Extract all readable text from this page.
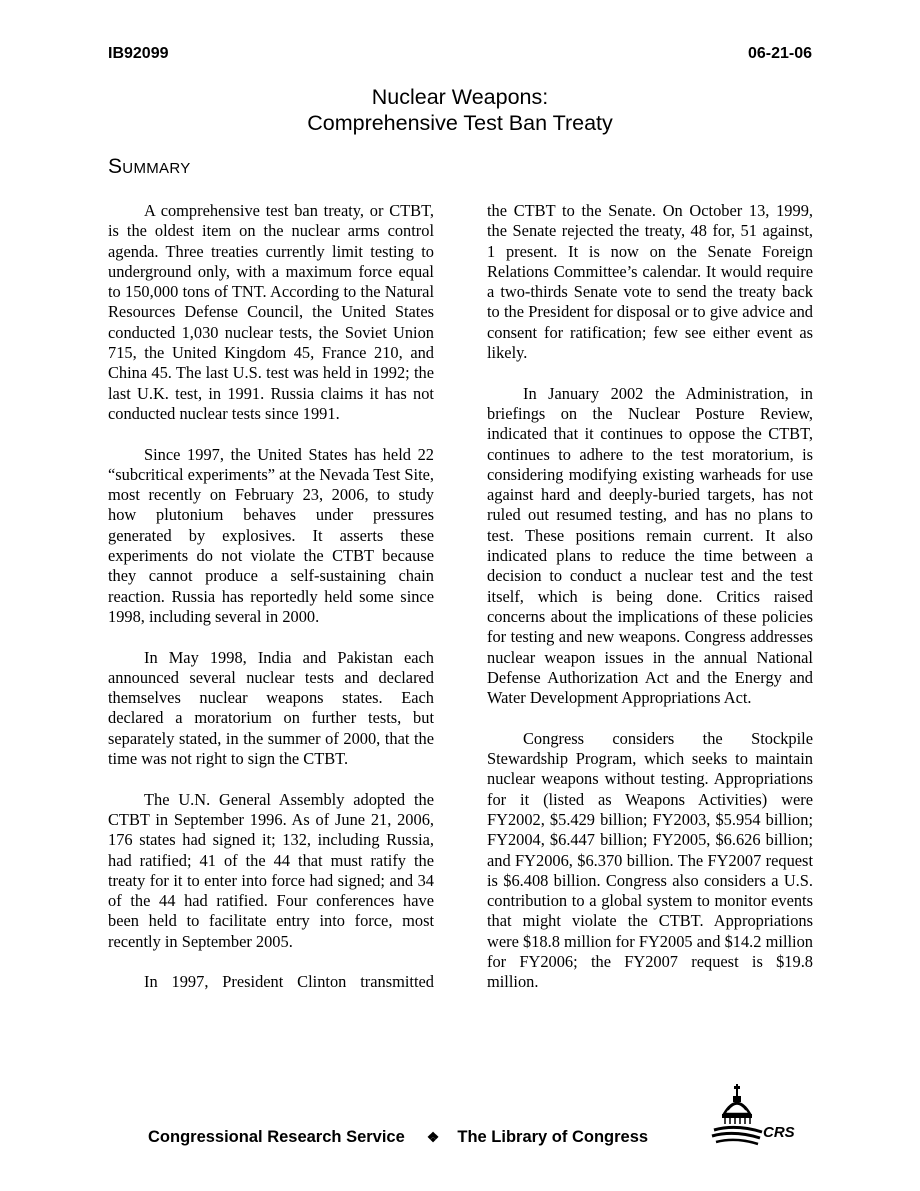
IB92099	06-21-06
Nuclear Weapons:
Comprehensive Test Ban Treaty
Summary

A comprehensive test ban treaty, or CTBT, is the oldest item on the nuclear arms control agenda. Three treaties currently limit testing to underground only, with a maximum force equal to 150,000 tons of TNT. According to the Natural Resources Defense Council, the United States conducted 1,030 nuclear tests, the Soviet Union 715, the United Kingdom 45, France 210, and China 45. The last U.S. test was held in 1992; the last U.K. test, in 1991. Russia claims it has not conducted nuclear tests since 1991.

Since 1997, the United States has held 22 “subcritical experiments” at the Nevada Test Site, most recently on February 23, 2006, to study how plutonium behaves under pressures generated by explosives. It asserts these experiments do not violate the CTBT because they cannot produce a self-sustaining chain reaction. Russia has reportedly held some since 1998, including several in 2000.

In May 1998, India and Pakistan each announced several nuclear tests and declared themselves nuclear weapons states. Each declared a moratorium on further tests, but separately stated, in the summer of 2000, that the time was not right to sign the CTBT.

The U.N. General Assembly adopted the CTBT in September 1996. As of June 21, 2006, 176 states had signed it; 132, including Russia, had ratified; 41 of the 44 that must ratify the treaty for it to enter into force had signed; and 34 of the 44 had ratified. Four conferences have been held to facilitate entry into force, most recently in September 2005.

In 1997, President Clinton transmitted

the CTBT to the Senate. On October 13, 1999, the Senate rejected the treaty, 48 for, 51 against, 1 present. It is now on the Senate Foreign Relations Committee’s calendar. It would require a two-thirds Senate vote to send the treaty back to the President for disposal or to give advice and consent for ratification; few see either event as likely.

In January 2002 the Administration, in briefings on the Nuclear Posture Review, indicated that it continues to oppose the CTBT, continues to adhere to the test moratorium, is considering modifying existing warheads for use against hard and deeply-buried targets, has not ruled out resumed testing, and has no plans to test. These positions remain current. It also indicated plans to reduce the time between a decision to conduct a nuclear test and the test itself, which is being done. Critics raised concerns about the implications of these policies for testing and new weapons. Congress addresses nuclear weapon issues in the annual National Defense Authorization Act and the Energy and Water Development Appropriations Act.

Congress considers the Stockpile Stewardship Program, which seeks to maintain nuclear weapons without testing. Appropriations for it (listed as Weapons Activities) were FY2002, $5.429 billion; FY2003, $5.954 billion; FY2004, $6.447 billion; FY2005, $6.626 billion; and FY2006, $6.370 billion. The FY2007 request is $6.408 billion. Congress also considers a U.S. contribution to a global system to monitor events that might violate the CTBT. Appropriations were $18.8 million for FY2005 and $14.2 million for FY2006; the FY2007 request is $19.8 million.

Congressional Research Service ❖ The Library of Congress	CRS
